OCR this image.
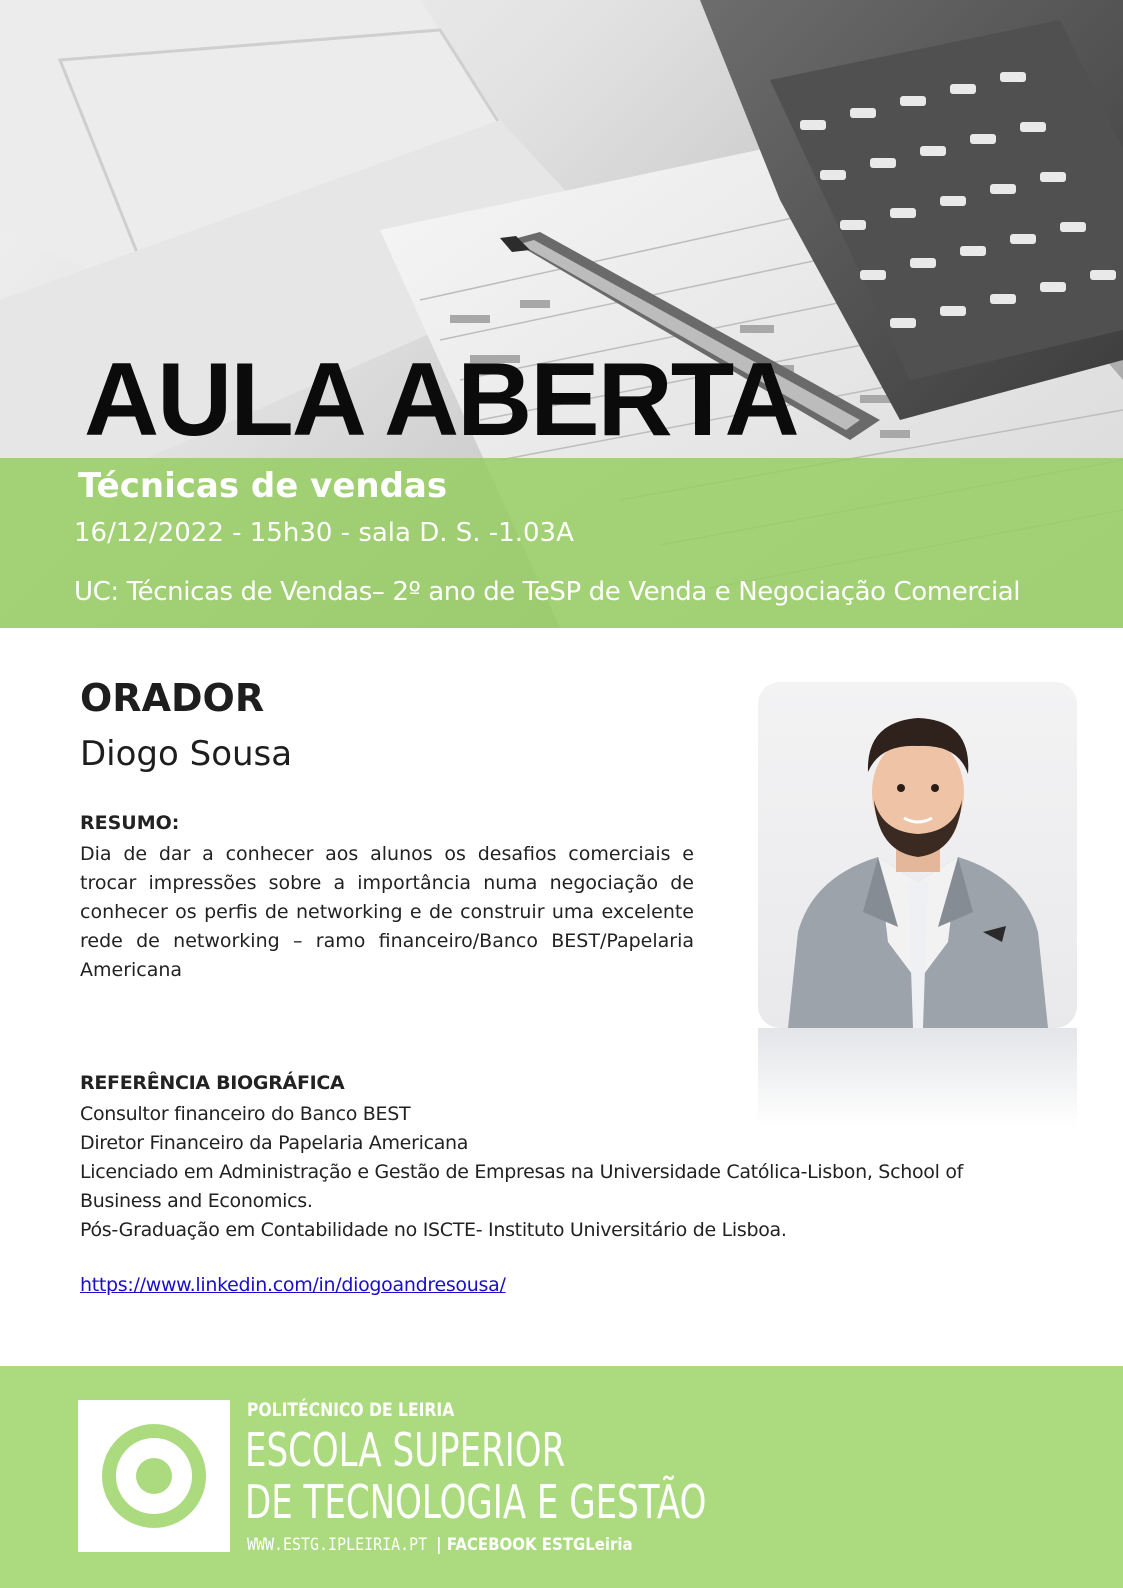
AULA ABERTA
Técnicas de vendas
16/12/2022 - 15h30 - sala D. S. -1.03A
UC: Técnicas de Vendas– 2º ano de TeSP de Venda e Negociação Comercial
ORADOR
Diogo Sousa
RESUMO:

Dia de dar a conhecer aos alunos os desafios comerciais e trocar impressões sobre a importância numa negociação de conhecer os perfis de networking e de construir uma excelente rede de networking – ramo financeiro/Banco BEST/Papelaria Americana

REFERÊNCIA BIOGRÁFICA
Consultor financeiro do Banco BEST
Diretor Financeiro da Papelaria Americana
Licenciado em Administração e Gestão de Empresas na Universidade Católica-Lisbon, School of Business and Economics.
Pós-Graduação em Contabilidade no ISCTE- Instituto Universitário de Lisboa.
https://www.linkedin.com/in/diogoandresousa/
POLITÉCNICO DE LEIRIA
ESCOLA SUPERIOR
DE TECNOLOGIA E GESTÃO
WWW.ESTG.IPLEIRIA.PT | FACEBOOK ESTGLeiria
